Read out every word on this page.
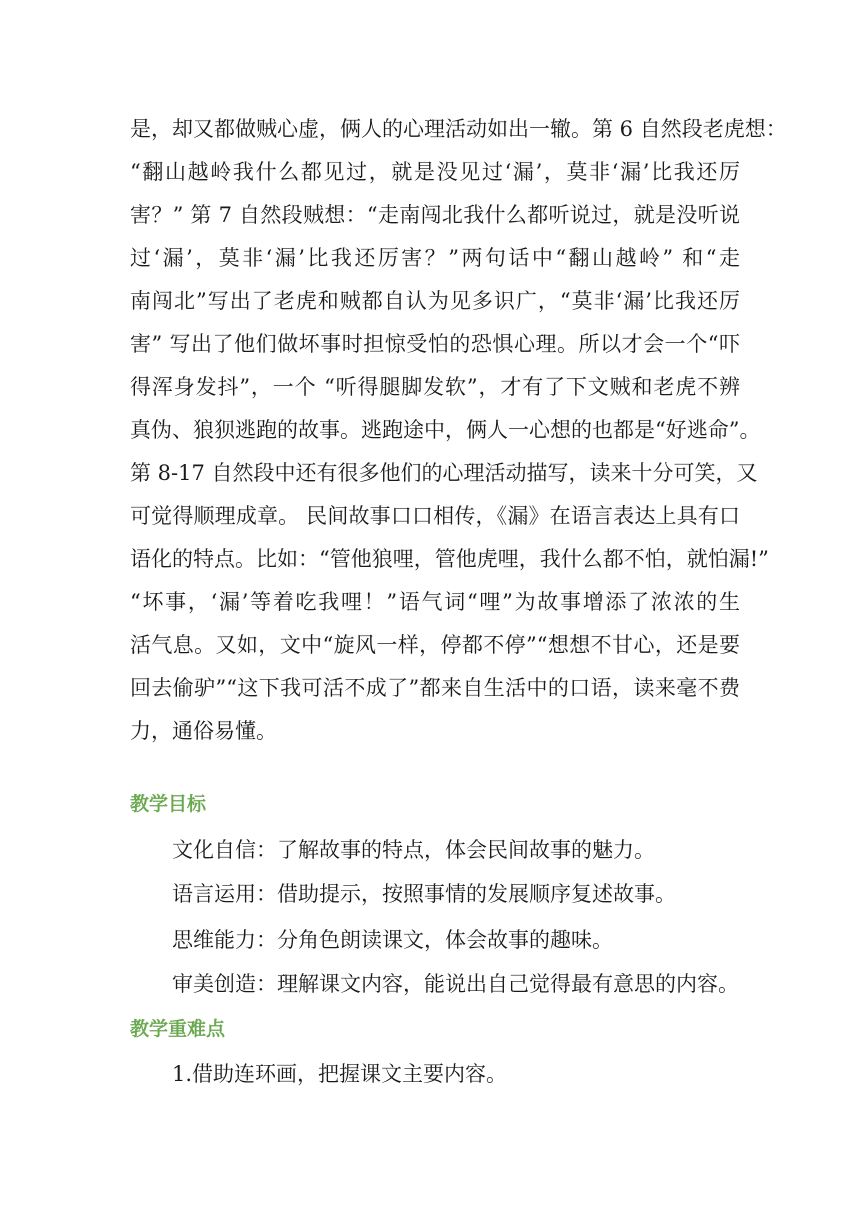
是，却又都做贼心虚，俩人的心理活动如出一辙。第 6 自然段老虎想：
“翻山越岭我什么都见过，就是没见过‘漏’，莫非‘漏’比我还厉
害？” 第 7 自然段贼想：“走南闯北我什么都听说过，就是没听说
过‘漏’，莫非‘漏’比我还厉害？”两句话中“翻山越岭” 和“走
南闯北”写出了老虎和贼都自认为见多识广，“莫非‘漏’比我还厉
害” 写出了他们做坏事时担惊受怕的恐惧心理。所以才会一个“吓
得浑身发抖”，一个 “听得腿脚发软”，才有了下文贼和老虎不辨
真伪、狼狈逃跑的故事。逃跑途中，俩人一心想的也都是“好逃命”。
第 8-17 自然段中还有很多他们的心理活动描写，读来十分可笑，又
可觉得顺理成章。 民间故事口口相传，《漏》在语言表达上具有口
语化的特点。比如：“管他狼哩，管他虎哩，我什么都不怕，就怕漏!”
“坏事，‘漏’等着吃我哩！”语气词“哩”为故事增添了浓浓的生
活气息。又如，文中“旋风一样，停都不停”“想想不甘心，还是要
回去偷驴”“这下我可活不成了”都来自生活中的口语，读来毫不费
力，通俗易懂。
教学目标

文化自信：了解故事的特点，体会民间故事的魅力。

语言运用：借助提示，按照事情的发展顺序复述故事。

思维能力：分角色朗读课文，体会故事的趣味。

审美创造：理解课文内容，能说出自己觉得最有意思的内容。

教学重难点

1.借助连环画，把握课文主要内容。
